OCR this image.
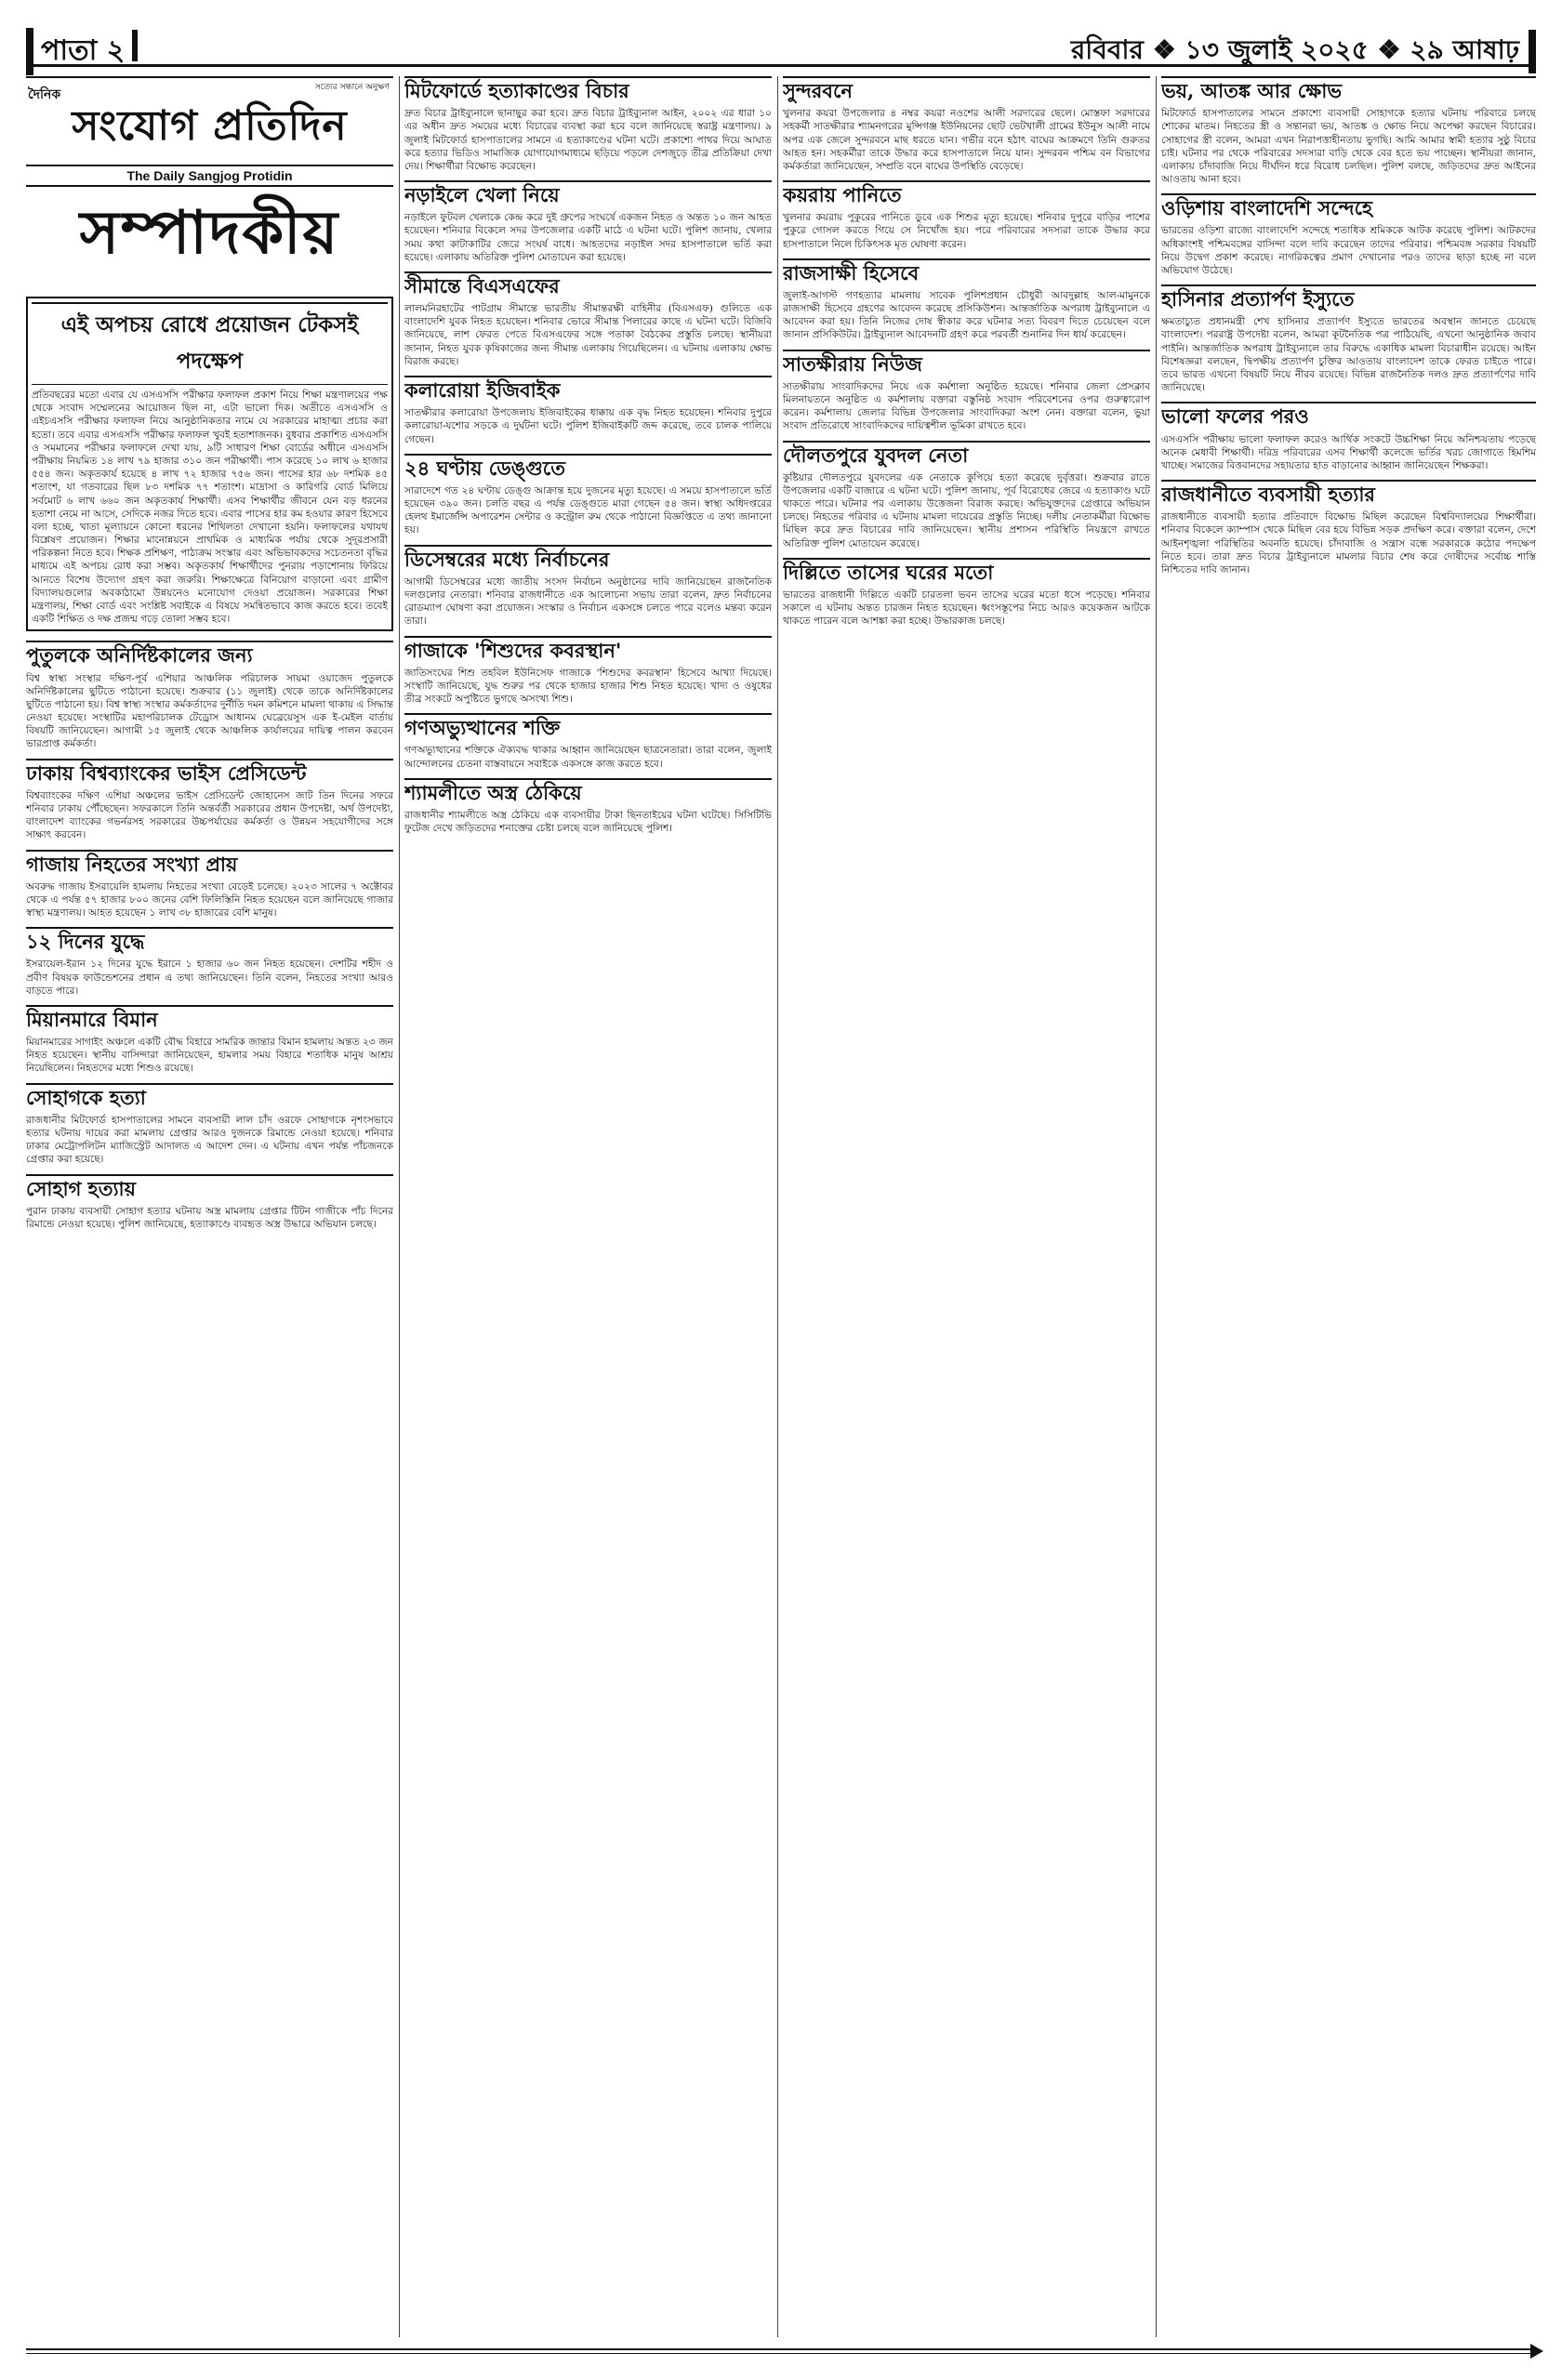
পাতা ২	রবিবার ❖ ১৩ জুলাই ২০২৫ ❖ ২৯ আষাঢ়
দৈনিক	সত্যের সন্ধানে অনুক্ষণ
সংযোগ প্রতিদিন
The Daily Sangjog Protidin
সম্পাদকীয়
এই অপচয় রোধে প্রয়োজন টেকসই পদক্ষেপ
প্রতিবছরের মতো এবার যে এসএসসি পরীক্ষার ফলাফল প্রকাশ নিয়ে শিক্ষা মন্ত্রণালয়ের পক্ষ থেকে সংবাদ সম্মেলনের আয়োজন ছিল না, এটা ভালো দিক। অতীতে এসএসসি ও এইচএসসি পরীক্ষার ফলাফল নিয়ে আনুষ্ঠানিকতার নামে যে সরকারের মাহাত্ম্য প্রচার করা হতো। তবে এবার এসএসসি পরীক্ষার ফলাফল খুবই হতাশাজনক। বুধবার প্রকাশিত এসএসসি ও সমমানের পরীক্ষার ফলাফলে দেখা যায়, ৯টি সাধারণ শিক্ষা বোর্ডের অধীনে এসএসসি পরীক্ষায় নিয়মিত ১৪ লাখ ৭৯ হাজার ৩১০ জন পরীক্ষার্থী। পাস করেছে ১০ লাখ ৬ হাজার ৫৫৪ জন। অকৃতকার্য হয়েছে ৪ লাখ ৭২ হাজার ৭৫৬ জন। পাসের হার ৬৮ দশমিক ৪৫ শতাংশ, যা গতবারের ছিল ৮৩ দশমিক ৭৭ শতাংশ। মাদ্রাসা ও কারিগরি বোর্ড মিলিয়ে সর্বমোট ৬ লাখ ৬৬০ জন অকৃতকার্য শিক্ষার্থী। এসব শিক্ষার্থীর জীবনে যেন বড় ধরনের হতাশা নেমে না আসে, সেদিকে নজর দিতে হবে। এবার পাসের হার কম হওয়ার কারণ হিসেবে বলা হচ্ছে, খাতা মূল্যায়নে কোনো ধরনের শিথিলতা দেখানো হয়নি। ফলাফলের যথাযথ বিশ্লেষণ প্রয়োজন। শিক্ষার মানোন্নয়নে প্রাথমিক ও মাধ্যমিক পর্যায় থেকে সুদূরপ্রসারী পরিকল্পনা নিতে হবে। শিক্ষক প্রশিক্ষণ, পাঠ্যক্রম সংস্কার এবং অভিভাবকদের সচেতনতা বৃদ্ধির মাধ্যমে এই অপচয় রোধ করা সম্ভব। অকৃতকার্য শিক্ষার্থীদের পুনরায় পড়াশোনায় ফিরিয়ে আনতে বিশেষ উদ্যোগ গ্রহণ করা জরুরি। শিক্ষাক্ষেত্রে বিনিয়োগ বাড়ানো এবং গ্রামীণ বিদ্যালয়গুলোর অবকাঠামো উন্নয়নেও মনোযোগ দেওয়া প্রয়োজন। সরকারের শিক্ষা মন্ত্রণালয়, শিক্ষা বোর্ড এবং সংশ্লিষ্ট সবাইকে এ বিষয়ে সমন্বিতভাবে কাজ করতে হবে। তবেই একটি শিক্ষিত ও দক্ষ প্রজন্ম গড়ে তোলা সম্ভব হবে।
পুতুলকে অনির্দিষ্টকালের জন্য
বিশ্ব স্বাস্থ্য সংস্থার দক্ষিণ-পূর্ব এশিয়ার আঞ্চলিক পরিচালক সায়মা ওয়াজেদ পুতুলকে অনির্দিষ্টকালের ছুটিতে পাঠানো হয়েছে। শুক্রবার (১১ জুলাই) থেকে তাকে অনির্দিষ্টকালের ছুটিতে পাঠানো হয়। বিশ্ব স্বাস্থ্য সংস্থার কর্মকর্তাদের দুর্নীতি দমন কমিশনে মামলা থাকায় এ সিদ্ধান্ত নেওয়া হয়েছে। সংস্থাটির মহাপরিচালক টেড্রোস আধানম ঘেব্রেয়েসুস এক ই-মেইল বার্তায় বিষয়টি জানিয়েছেন। আগামী ১৫ জুলাই থেকে আঞ্চলিক কার্যালয়ের দায়িত্ব পালন করবেন ভারপ্রাপ্ত কর্মকর্তা।
ঢাকায় বিশ্বব্যাংকের ভাইস প্রেসিডেন্ট
বিশ্বব্যাংকের দক্ষিণ এশিয়া অঞ্চলের ভাইস প্রেসিডেন্ট জোহানেস জাট তিন দিনের সফরে শনিবার ঢাকায় পৌঁছেছেন। সফরকালে তিনি অন্তর্বর্তী সরকারের প্রধান উপদেষ্টা, অর্থ উপদেষ্টা, বাংলাদেশ ব্যাংকের গভর্নরসহ সরকারের উচ্চপর্যায়ের কর্মকর্তা ও উন্নয়ন সহযোগীদের সঙ্গে সাক্ষাৎ করবেন।
গাজায় নিহতের সংখ্যা প্রায়
অবরুদ্ধ গাজায় ইসরায়েলি হামলায় নিহতের সংখ্যা বেড়েই চলেছে। ২০২৩ সালের ৭ অক্টোবর থেকে এ পর্যন্ত ৫৭ হাজার ৮০০ জনের বেশি ফিলিস্তিনি নিহত হয়েছেন বলে জানিয়েছে গাজার স্বাস্থ্য মন্ত্রণালয়। আহত হয়েছেন ১ লাখ ৩৮ হাজারের বেশি মানুষ।
১২ দিনের যুদ্ধে
ইসরায়েল-ইরান ১২ দিনের যুদ্ধে ইরানে ১ হাজার ৬০ জন নিহত হয়েছেন। দেশটির শহীদ ও প্রবীণ বিষয়ক ফাউন্ডেশনের প্রধান এ তথ্য জানিয়েছেন। তিনি বলেন, নিহতের সংখ্যা আরও বাড়তে পারে।
মিয়ানমারে বিমান
মিয়ানমারের সাগাইং অঞ্চলে একটি বৌদ্ধ বিহারে সামরিক জান্তার বিমান হামলায় অন্তত ২৩ জন নিহত হয়েছেন। স্থানীয় বাসিন্দারা জানিয়েছেন, হামলার সময় বিহারে শতাধিক মানুষ আশ্রয় নিয়েছিলেন। নিহতদের মধ্যে শিশুও রয়েছে।
সোহাগকে হত্যা
রাজধানীর মিটফোর্ড হাসপাতালের সামনে ব্যবসায়ী লাল চাঁদ ওরফে সোহাগকে নৃশংসভাবে হত্যার ঘটনায় দায়ের করা মামলায় গ্রেপ্তার আরও দুজনকে রিমান্ডে নেওয়া হয়েছে। শনিবার ঢাকার মেট্রোপলিটন ম্যাজিস্ট্রেট আদালত এ আদেশ দেন। এ ঘটনায় এখন পর্যন্ত পাঁচজনকে গ্রেপ্তার করা হয়েছে।
সোহাগ হত্যায়
পুরান ঢাকায় ব্যবসায়ী সোহাগ হত্যার ঘটনায় অস্ত্র মামলায় গ্রেপ্তার টিটন গাজীকে পাঁচ দিনের রিমান্ডে নেওয়া হয়েছে। পুলিশ জানিয়েছে, হত্যাকাণ্ডে ব্যবহৃত অস্ত্র উদ্ধারে অভিযান চলছে।
মিটফোর্ডে হত্যাকাণ্ডের বিচার
দ্রুত বিচার ট্রাইব্যুনালে ছানাছুর করা হবে। দ্রুত বিচার ট্রাইব্যুনাল আইন, ২০০২ এর ধারা ১০ এর অধীন দ্রুত সময়ের মধ্যে বিচারের ব্যবস্থা করা হবে বলে জানিয়েছে স্বরাষ্ট্র মন্ত্রণালয়। ৯ জুলাই মিটফোর্ড হাসপাতালের সামনে এ হত্যাকাণ্ডের ঘটনা ঘটে। প্রকাশ্যে পাথর দিয়ে আঘাত করে হত্যার ভিডিও সামাজিক যোগাযোগমাধ্যমে ছড়িয়ে পড়লে দেশজুড়ে তীব্র প্রতিক্রিয়া দেখা দেয়। শিক্ষার্থীরা বিক্ষোভ করেছেন।
নড়াইলে খেলা নিয়ে
নড়াইলে ফুটবল খেলাকে কেন্দ্র করে দুই গ্রুপের সংঘর্ষে একজন নিহত ও অন্তত ১০ জন আহত হয়েছেন। শনিবার বিকেলে সদর উপজেলার একটি মাঠে এ ঘটনা ঘটে। পুলিশ জানায়, খেলার সময় কথা কাটাকাটির জেরে সংঘর্ষ বাধে। আহতদের নড়াইল সদর হাসপাতালে ভর্তি করা হয়েছে। এলাকায় অতিরিক্ত পুলিশ মোতায়েন করা হয়েছে।
সীমান্তে বিএসএফের
লালমনিরহাটের পাটগ্রাম সীমান্তে ভারতীয় সীমান্তরক্ষী বাহিনীর (বিএসএফ) গুলিতে এক বাংলাদেশি যুবক নিহত হয়েছেন। শনিবার ভোরে সীমান্ত পিলারের কাছে এ ঘটনা ঘটে। বিজিবি জানিয়েছে, লাশ ফেরত পেতে বিএসএফের সঙ্গে পতাকা বৈঠকের প্রস্তুতি চলছে। স্থানীয়রা জানান, নিহত যুবক কৃষিকাজের জন্য সীমান্ত এলাকায় গিয়েছিলেন। এ ঘটনায় এলাকায় ক্ষোভ বিরাজ করছে।
কলারোয়া ইজিবাইক
সাতক্ষীরার কলারোয়া উপজেলায় ইজিবাইকের ধাক্কায় এক বৃদ্ধ নিহত হয়েছেন। শনিবার দুপুরে কলারোয়া-যশোর সড়কে এ দুর্ঘটনা ঘটে। পুলিশ ইজিবাইকটি জব্দ করেছে, তবে চালক পালিয়ে গেছেন।
২৪ ঘণ্টায় ডেঙ্গুতে
সারাদেশে গত ২৪ ঘণ্টায় ডেঙ্গু আক্রান্ত হয়ে দুজনের মৃত্যু হয়েছে। এ সময়ে হাসপাতালে ভর্তি হয়েছেন ৩৯০ জন। চলতি বছর এ পর্যন্ত ডেঙ্গুতে মারা গেছেন ৫৪ জন। স্বাস্থ্য অধিদপ্তরের হেলথ ইমার্জেন্সি অপারেশন সেন্টার ও কন্ট্রোল রুম থেকে পাঠানো বিজ্ঞপ্তিতে এ তথ্য জানানো হয়।
ডিসেম্বরের মধ্যে নির্বাচনের
আগামী ডিসেম্বরের মধ্যে জাতীয় সংসদ নির্বাচন অনুষ্ঠানের দাবি জানিয়েছেন রাজনৈতিক দলগুলোর নেতারা। শনিবার রাজধানীতে এক আলোচনা সভায় তারা বলেন, দ্রুত নির্বাচনের রোডম্যাপ ঘোষণা করা প্রয়োজন। সংস্কার ও নির্বাচন একসঙ্গে চলতে পারে বলেও মন্তব্য করেন তারা।
গাজাকে 'শিশুদের কবরস্থান'
জাতিসংঘের শিশু তহবিল ইউনিসেফ গাজাকে 'শিশুদের কবরস্থান' হিসেবে আখ্যা দিয়েছে। সংস্থাটি জানিয়েছে, যুদ্ধ শুরুর পর থেকে হাজার হাজার শিশু নিহত হয়েছে। খাদ্য ও ওষুধের তীব্র সংকটে অপুষ্টিতে ভুগছে অসংখ্য শিশু।
গণঅভ্যুত্থানের শক্তি
গণঅভ্যুত্থানের শক্তিকে ঐক্যবদ্ধ থাকার আহ্বান জানিয়েছেন ছাত্রনেতারা। তারা বলেন, জুলাই আন্দোলনের চেতনা বাস্তবায়নে সবাইকে একসঙ্গে কাজ করতে হবে।
শ্যামলীতে অস্ত্র ঠেকিয়ে
রাজধানীর শ্যামলীতে অস্ত্র ঠেকিয়ে এক ব্যবসায়ীর টাকা ছিনতাইয়ের ঘটনা ঘটেছে। সিসিটিভি ফুটেজ দেখে জড়িতদের শনাক্তের চেষ্টা চলছে বলে জানিয়েছে পুলিশ।
সুন্দরবনে
খুলনার কয়রা উপজেলার ৪ নম্বর কয়রা নওশের আলী সরদারের ছেলে। মোস্তফা সরদারের সহকর্মী সাতক্ষীরার শ্যামনগরের মুন্সিগঞ্জ ইউনিয়নের ছোট ভেটখালী গ্রামের ইউনুস আলী নামে অপর এক জেলে সুন্দরবনে মাছ ধরতে যান। গভীর বনে হঠাৎ বাঘের আক্রমণে তিনি গুরুতর আহত হন। সহকর্মীরা তাকে উদ্ধার করে হাসপাতালে নিয়ে যান। সুন্দরবন পশ্চিম বন বিভাগের কর্মকর্তারা জানিয়েছেন, সম্প্রতি বনে বাঘের উপস্থিতি বেড়েছে।
কয়রায় পানিতে
খুলনার কয়রায় পুকুরের পানিতে ডুবে এক শিশুর মৃত্যু হয়েছে। শনিবার দুপুরে বাড়ির পাশের পুকুরে গোসল করতে গিয়ে সে নিখোঁজ হয়। পরে পরিবারের সদস্যরা তাকে উদ্ধার করে হাসপাতালে নিলে চিকিৎসক মৃত ঘোষণা করেন।
রাজসাক্ষী হিসেবে
জুলাই-আগস্ট গণহত্যার মামলায় সাবেক পুলিশপ্রধান চৌধুরী আবদুল্লাহ আল-মামুনকে রাজসাক্ষী হিসেবে গ্রহণের আবেদন করেছে প্রসিকিউশন। আন্তর্জাতিক অপরাধ ট্রাইব্যুনালে এ আবেদন করা হয়। তিনি নিজের দোষ স্বীকার করে ঘটনার সত্য বিবরণ দিতে চেয়েছেন বলে জানান প্রসিকিউটর। ট্রাইব্যুনাল আবেদনটি গ্রহণ করে পরবর্তী শুনানির দিন ধার্য করেছেন।
সাতক্ষীরায় নিউজ
সাতক্ষীরায় সাংবাদিকদের নিয়ে এক কর্মশালা অনুষ্ঠিত হয়েছে। শনিবার জেলা প্রেসক্লাব মিলনায়তনে অনুষ্ঠিত এ কর্মশালায় বক্তারা বস্তুনিষ্ঠ সংবাদ পরিবেশনের ওপর গুরুত্বারোপ করেন। কর্মশালায় জেলার বিভিন্ন উপজেলার সাংবাদিকরা অংশ নেন। বক্তারা বলেন, ভুয়া সংবাদ প্রতিরোধে সাংবাদিকদের দায়িত্বশীল ভূমিকা রাখতে হবে।
দৌলতপুরে যুবদল নেতা
কুষ্টিয়ার দৌলতপুরে যুবদলের এক নেতাকে কুপিয়ে হত্যা করেছে দুর্বৃত্তরা। শুক্রবার রাতে উপজেলার একটি বাজারে এ ঘটনা ঘটে। পুলিশ জানায়, পূর্ব বিরোধের জেরে এ হত্যাকাণ্ড ঘটে থাকতে পারে। ঘটনার পর এলাকায় উত্তেজনা বিরাজ করছে। অভিযুক্তদের গ্রেপ্তারে অভিযান চলছে। নিহতের পরিবার এ ঘটনায় মামলা দায়েরের প্রস্তুতি নিচ্ছে। দলীয় নেতাকর্মীরা বিক্ষোভ মিছিল করে দ্রুত বিচারের দাবি জানিয়েছেন। স্থানীয় প্রশাসন পরিস্থিতি নিয়ন্ত্রণে রাখতে অতিরিক্ত পুলিশ মোতায়েন করেছে।
দিল্লিতে তাসের ঘরের মতো
ভারতের রাজধানী দিল্লিতে একটি চারতলা ভবন তাসের ঘরের মতো ধসে পড়েছে। শনিবার সকালে এ ঘটনায় অন্তত চারজন নিহত হয়েছেন। ধ্বংসস্তূপের নিচে আরও কয়েকজন আটকে থাকতে পারেন বলে আশঙ্কা করা হচ্ছে। উদ্ধারকাজ চলছে।
ভয়, আতঙ্ক আর ক্ষোভ
মিটফোর্ড হাসপাতালের সামনে প্রকাশ্যে ব্যবসায়ী সোহাগকে হত্যার ঘটনায় পরিবারে চলছে শোকের মাতম। নিহতের স্ত্রী ও সন্তানরা ভয়, আতঙ্ক ও ক্ষোভ নিয়ে অপেক্ষা করছেন বিচারের। সোহাগের স্ত্রী বলেন, আমরা এখন নিরাপত্তাহীনতায় ভুগছি। আমি আমার স্বামী হত্যার সুষ্ঠু বিচার চাই। ঘটনার পর থেকে পরিবারের সদস্যরা বাড়ি থেকে বের হতে ভয় পাচ্ছেন। স্থানীয়রা জানান, এলাকায় চাঁদাবাজি নিয়ে দীর্ঘদিন ধরে বিরোধ চলছিল। পুলিশ বলছে, জড়িতদের দ্রুত আইনের আওতায় আনা হবে।
ওড়িশায় বাংলাদেশি সন্দেহে
ভারতের ওড়িশা রাজ্যে বাংলাদেশি সন্দেহে শতাধিক শ্রমিককে আটক করেছে পুলিশ। আটকদের অধিকাংশই পশ্চিমবঙ্গের বাসিন্দা বলে দাবি করেছেন তাদের পরিবার। পশ্চিমবঙ্গ সরকার বিষয়টি নিয়ে উদ্বেগ প্রকাশ করেছে। নাগরিকত্বের প্রমাণ দেখানোর পরও তাদের ছাড়া হচ্ছে না বলে অভিযোগ উঠেছে।
হাসিনার প্রত্যার্পণ ইস্যুতে
ক্ষমতাচ্যুত প্রধানমন্ত্রী শেখ হাসিনার প্রত্যার্পণ ইস্যুতে ভারতের অবস্থান জানতে চেয়েছে বাংলাদেশ। পররাষ্ট্র উপদেষ্টা বলেন, আমরা কূটনৈতিক পত্র পাঠিয়েছি, এখনো আনুষ্ঠানিক জবাব পাইনি। আন্তর্জাতিক অপরাধ ট্রাইব্যুনালে তার বিরুদ্ধে একাধিক মামলা বিচারাধীন রয়েছে। আইন বিশেষজ্ঞরা বলছেন, দ্বিপক্ষীয় প্রত্যার্পণ চুক্তির আওতায় বাংলাদেশ তাকে ফেরত চাইতে পারে। তবে ভারত এখনো বিষয়টি নিয়ে নীরব রয়েছে। বিভিন্ন রাজনৈতিক দলও দ্রুত প্রত্যার্পণের দাবি জানিয়েছে।
ভালো ফলের পরও
এসএসসি পরীক্ষায় ভালো ফলাফল করেও আর্থিক সংকটে উচ্চশিক্ষা নিয়ে অনিশ্চয়তায় পড়েছে অনেক মেধাবী শিক্ষার্থী। দরিদ্র পরিবারের এসব শিক্ষার্থী কলেজে ভর্তির খরচ জোগাতে হিমশিম খাচ্ছে। সমাজের বিত্তবানদের সহায়তার হাত বাড়ানোর আহ্বান জানিয়েছেন শিক্ষকরা।
রাজধানীতে ব্যবসায়ী হত্যার
রাজধানীতে ব্যবসায়ী হত্যার প্রতিবাদে বিক্ষোভ মিছিল করেছেন বিশ্ববিদ্যালয়ের শিক্ষার্থীরা। শনিবার বিকেলে ক্যাম্পাস থেকে মিছিল বের হয়ে বিভিন্ন সড়ক প্রদক্ষিণ করে। বক্তারা বলেন, দেশে আইনশৃঙ্খলা পরিস্থিতির অবনতি হয়েছে। চাঁদাবাজি ও সন্ত্রাস বন্ধে সরকারকে কঠোর পদক্ষেপ নিতে হবে। তারা দ্রুত বিচার ট্রাইব্যুনালে মামলার বিচার শেষ করে দোষীদের সর্বোচ্চ শাস্তি নিশ্চিতের দাবি জানান।
